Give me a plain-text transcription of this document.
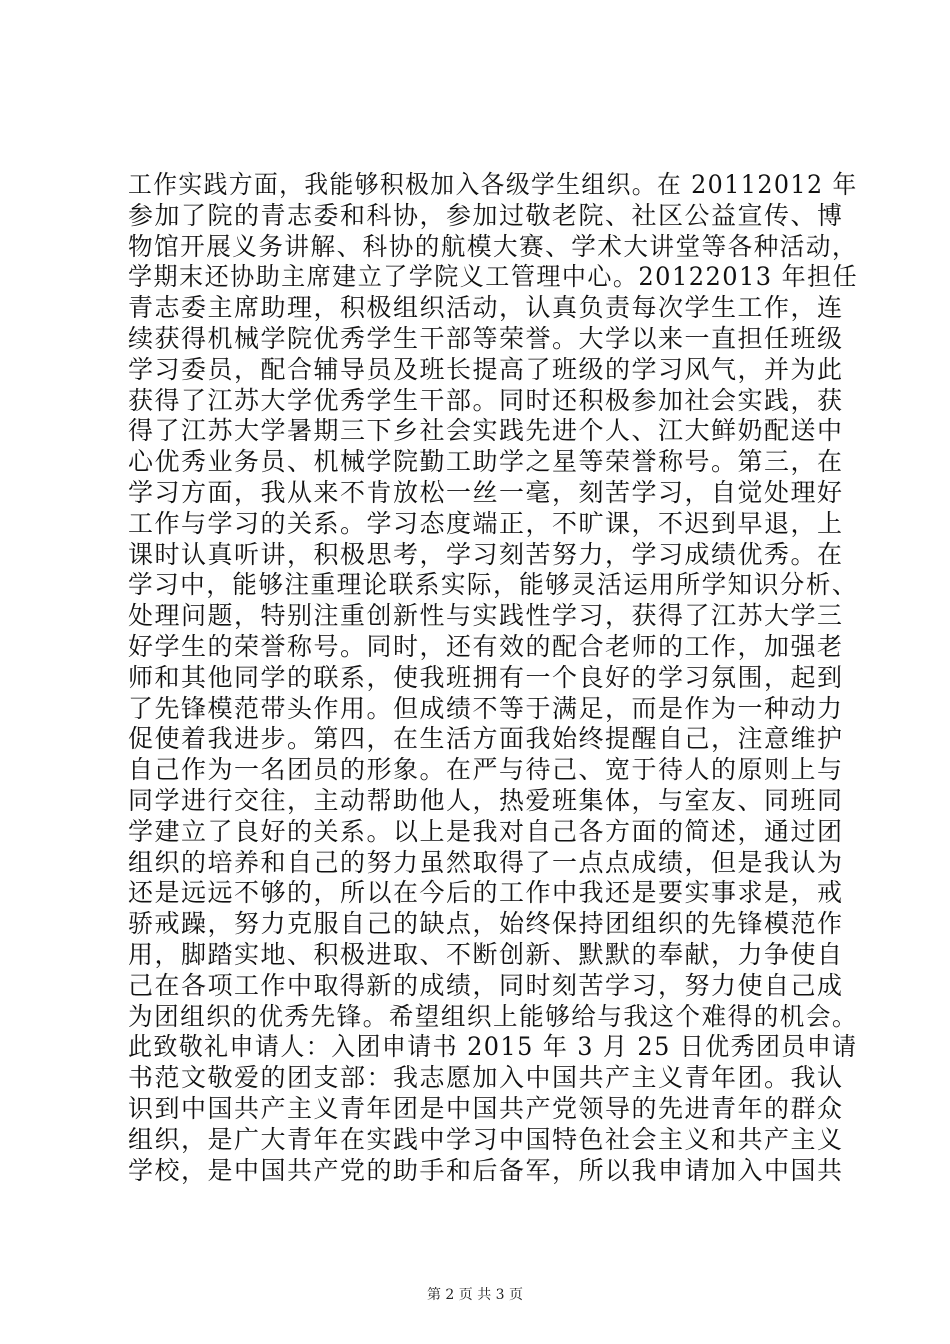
工作实践方面，我能够积极加入各级学生组织。在 20112012 年
参加了院的青志委和科协，参加过敬老院、社区公益宣传、博
物馆开展义务讲解、科协的航模大赛、学术大讲堂等各种活动，
学期末还协助主席建立了学院义工管理中心。20122013 年担任
青志委主席助理，积极组织活动，认真负责每次学生工作，连
续获得机械学院优秀学生干部等荣誉。大学以来一直担任班级
学习委员，配合辅导员及班长提高了班级的学习风气，并为此
获得了江苏大学优秀学生干部。同时还积极参加社会实践，获
得了江苏大学暑期三下乡社会实践先进个人、江大鲜奶配送中
心优秀业务员、机械学院勤工助学之星等荣誉称号。第三，在
学习方面，我从来不肯放松一丝一毫，刻苦学习，自觉处理好
工作与学习的关系。学习态度端正，不旷课，不迟到早退，上
课时认真听讲，积极思考，学习刻苦努力，学习成绩优秀。在
学习中，能够注重理论联系实际，能够灵活运用所学知识分析、
处理问题，特别注重创新性与实践性学习，获得了江苏大学三
好学生的荣誉称号。同时，还有效的配合老师的工作，加强老
师和其他同学的联系，使我班拥有一个良好的学习氛围，起到
了先锋模范带头作用。但成绩不等于满足，而是作为一种动力
促使着我进步。第四，在生活方面我始终提醒自己，注意维护
自己作为一名团员的形象。在严与待己、宽于待人的原则上与
同学进行交往，主动帮助他人，热爱班集体，与室友、同班同
学建立了良好的关系。以上是我对自己各方面的简述，通过团
组织的培养和自己的努力虽然取得了一点点成绩，但是我认为
还是远远不够的，所以在今后的工作中我还是要实事求是，戒
骄戒躁，努力克服自己的缺点，始终保持团组织的先锋模范作
用，脚踏实地、积极进取、不断创新、默默的奉献，力争使自
己在各项工作中取得新的成绩，同时刻苦学习，努力使自己成
为团组织的优秀先锋。希望组织上能够给与我这个难得的机会。
此致敬礼申请人：入团申请书 2015 年 3 月 25 日优秀团员申请
书范文敬爱的团支部：我志愿加入中国共产主义青年团。我认
识到中国共产主义青年团是中国共产党领导的先进青年的群众
组织，是广大青年在实践中学习中国特色社会主义和共产主义
学校，是中国共产党的助手和后备军，所以我申请加入中国共
第 2 页 共 3 页
